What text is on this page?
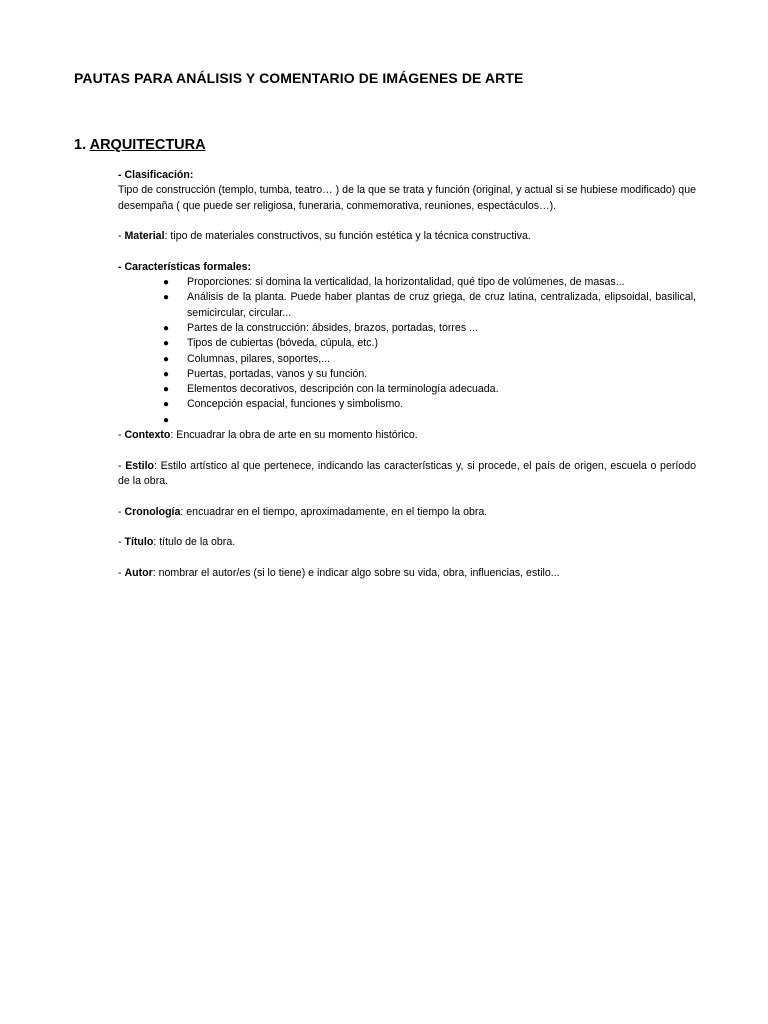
PAUTAS PARA ANÁLISIS Y COMENTARIO DE IMÁGENES DE ARTE
1. ARQUITECTURA

- Clasificación:

Tipo de construcción (templo, tumba, teatro… ) de la que se trata y función (original, y actual si se hubiese modificado) que desempaña ( que puede ser religiosa, funeraria, conmemorativa, reuniones, espectáculos…).

- Material: tipo de materiales constructivos, su función estética y la técnica constructiva.

- Características formales:

● Proporciones: si domina la verticalidad, la horizontalidad, qué tipo de volúmenes, de masas...
● Análisis de la planta. Puede haber plantas de cruz griega, de cruz latina, centralizada, elipsoidal, basilical, semicircular, circular...
● Partes de la construcción: ábsides, brazos, portadas, torres ...
● Tipos de cubiertas (bóveda, cúpula, etc.)
● Columnas, pilares, soportes,...
● Puertas, portadas, vanos y su función.
● Elementos decorativos, descripción con la terminología adecuada.
● Concepción espacial, funciones y simbolismo.
●

- Contexto: Encuadrar la obra de arte en su momento histórico.

- Estilo: Estilo artístico al que pertenece, indicando las características y, si procede, el país de origen, escuela o período de la obra.

- Cronología: encuadrar en el tiempo, aproximadamente, en el tiempo la obra.

- Título: título de la obra.

- Autor: nombrar el autor/es (si lo tiene) e indicar algo sobre su vida, obra, influencias, estilo...
